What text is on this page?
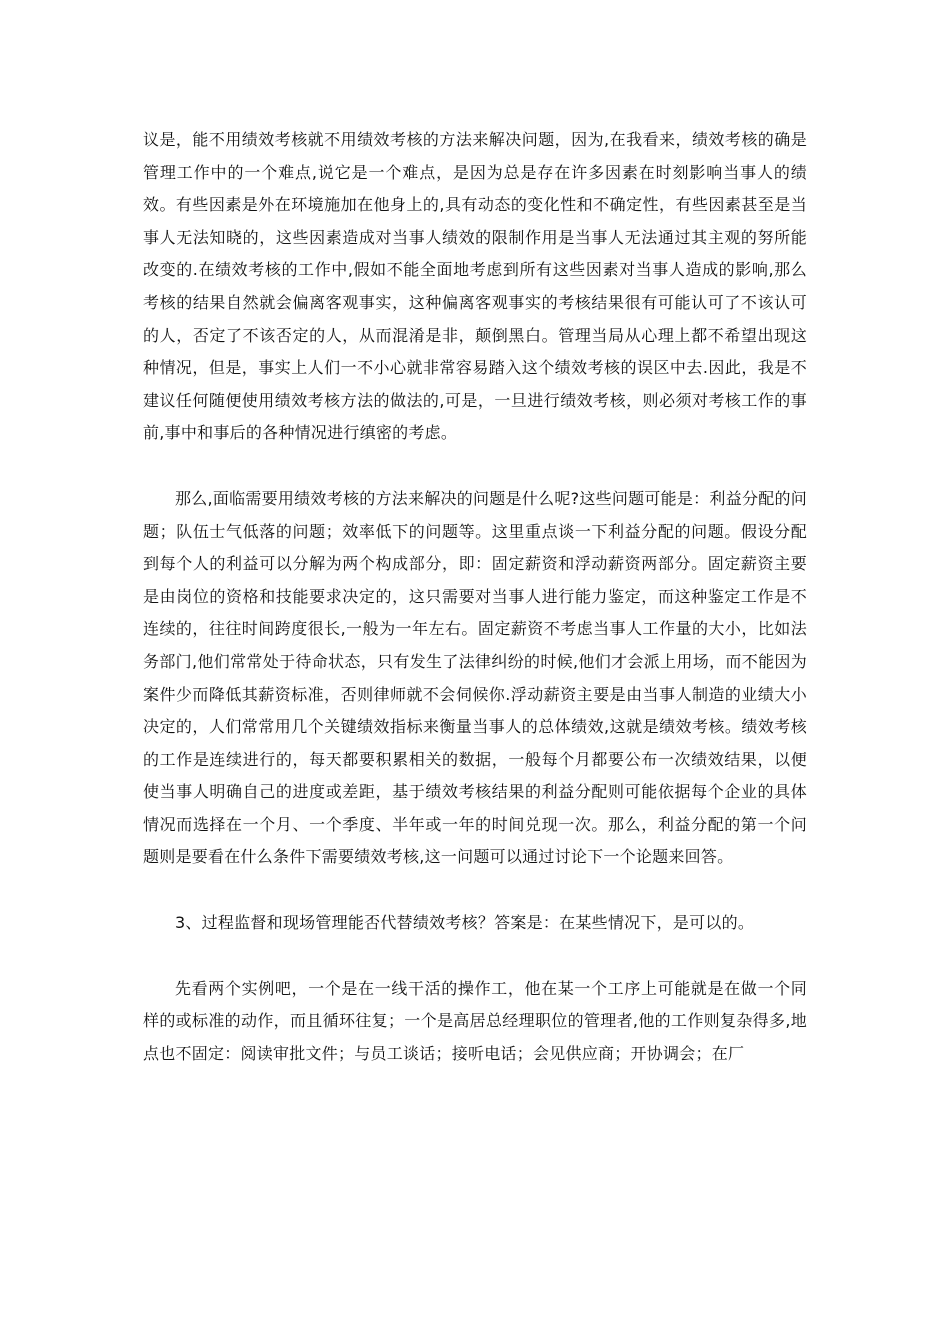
议是，能不用绩效考核就不用绩效考核的方法来解决问题，因为,在我看来，绩效考核的确是管理工作中的一个难点,说它是一个难点，是因为总是存在许多因素在时刻影响当事人的绩效。有些因素是外在环境施加在他身上的,具有动态的变化性和不确定性，有些因素甚至是当事人无法知晓的，这些因素造成对当事人绩效的限制作用是当事人无法通过其主观的努所能改变的.在绩效考核的工作中,假如不能全面地考虑到所有这些因素对当事人造成的影响,那么考核的结果自然就会偏离客观事实，这种偏离客观事实的考核结果很有可能认可了不该认可的人，否定了不该否定的人，从而混淆是非，颠倒黑白。管理当局从心理上都不希望出现这种情况，但是，事实上人们一不小心就非常容易踏入这个绩效考核的误区中去.因此，我是不建议任何随便使用绩效考核方法的做法的,可是，一旦进行绩效考核，则必须对考核工作的事前,事中和事后的各种情况进行缜密的考虑。

那么,面临需要用绩效考核的方法来解决的问题是什么呢?这些问题可能是：利益分配的问题；队伍士气低落的问题；效率低下的问题等。这里重点谈一下利益分配的问题。假设分配到每个人的利益可以分解为两个构成部分，即：固定薪资和浮动薪资两部分。固定薪资主要是由岗位的资格和技能要求决定的，这只需要对当事人进行能力鉴定，而这种鉴定工作是不连续的，往往时间跨度很长,一般为一年左右。固定薪资不考虑当事人工作量的大小，比如法务部门,他们常常处于待命状态，只有发生了法律纠纷的时候,他们才会派上用场，而不能因为案件少而降低其薪资标准，否则律师就不会伺候你.浮动薪资主要是由当事人制造的业绩大小决定的，人们常常用几个关键绩效指标来衡量当事人的总体绩效,这就是绩效考核。绩效考核的工作是连续进行的，每天都要积累相关的数据，一般每个月都要公布一次绩效结果，以便使当事人明确自己的进度或差距，基于绩效考核结果的利益分配则可能依据每个企业的具体情况而选择在一个月、一个季度、半年或一年的时间兑现一次。那么，利益分配的第一个问题则是要看在什么条件下需要绩效考核,这一问题可以通过讨论下一个论题来回答。

3、过程监督和现场管理能否代替绩效考核？答案是：在某些情况下，是可以的。

先看两个实例吧，一个是在一线干活的操作工，他在某一个工序上可能就是在做一个同样的或标准的动作，而且循环往复；一个是高居总经理职位的管理者,他的工作则复杂得多,地点也不固定：阅读审批文件；与员工谈话；接听电话；会见供应商；开协调会；在厂
